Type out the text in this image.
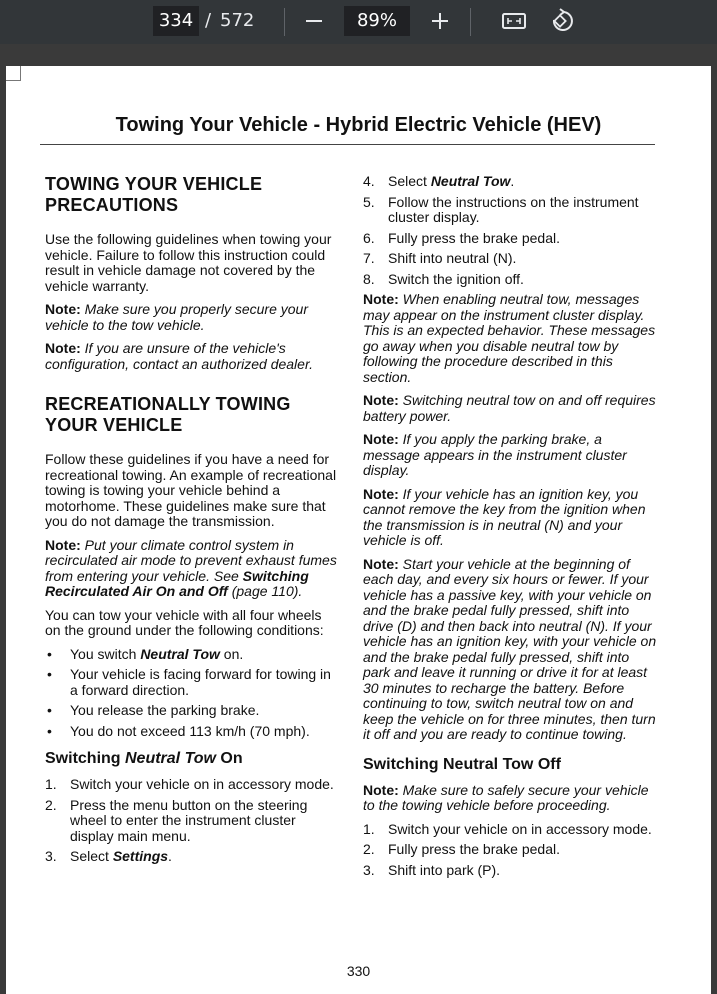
334 / 572	89%
Towing Your Vehicle - Hybrid Electric Vehicle (HEV)
TOWING YOUR VEHICLE
PRECAUTIONS

Use the following guidelines when towing your vehicle. Failure to follow this instruction could result in vehicle damage not covered by the vehicle warranty.

Note: Make sure you properly secure your vehicle to the tow vehicle.

Note: If you are unsure of the vehicle's configuration, contact an authorized dealer.

RECREATIONALLY TOWING
YOUR VEHICLE

Follow these guidelines if you have a need for recreational towing. An example of recreational towing is towing your vehicle behind a motorhome. These guidelines make sure that you do not damage the transmission.

Note: Put your climate control system in recirculated air mode to prevent exhaust fumes from entering your vehicle. See Switching Recirculated Air On and Off (page 110).

You can tow your vehicle with all four wheels on the ground under the following conditions:

• You switch Neutral Tow on.
• Your vehicle is facing forward for towing in a forward direction.
• You release the parking brake.
• You do not exceed 113 km/h (70 mph).
Switching Neutral Tow On
1. Switch your vehicle on in accessory mode.
2. Press the menu button on the steering wheel to enter the instrument cluster display main menu.
3. Select Settings.
4. Select Neutral Tow.
5. Follow the instructions on the instrument cluster display.
6. Fully press the brake pedal.
7. Shift into neutral (N).
8. Switch the ignition off.

Note: When enabling neutral tow, messages may appear on the instrument cluster display. This is an expected behavior. These messages go away when you disable neutral tow by following the procedure described in this section.

Note: Switching neutral tow on and off requires battery power.

Note: If you apply the parking brake, a message appears in the instrument cluster display.

Note: If your vehicle has an ignition key, you cannot remove the key from the ignition when the transmission is in neutral (N) and your vehicle is off.

Note: Start your vehicle at the beginning of each day, and every six hours or fewer. If your vehicle has a passive key, with your vehicle on and the brake pedal fully pressed, shift into drive (D) and then back into neutral (N). If your vehicle has an ignition key, with your vehicle on and the brake pedal fully pressed, shift into park and leave it running or drive it for at least 30 minutes to recharge the battery. Before continuing to tow, switch neutral tow on and keep the vehicle on for three minutes, then turn it off and you are ready to continue towing.

Switching Neutral Tow Off

Note: Make sure to safely secure your vehicle to the towing vehicle before proceeding.

1. Switch your vehicle on in accessory mode.
2. Fully press the brake pedal.
3. Shift into park (P).
330
